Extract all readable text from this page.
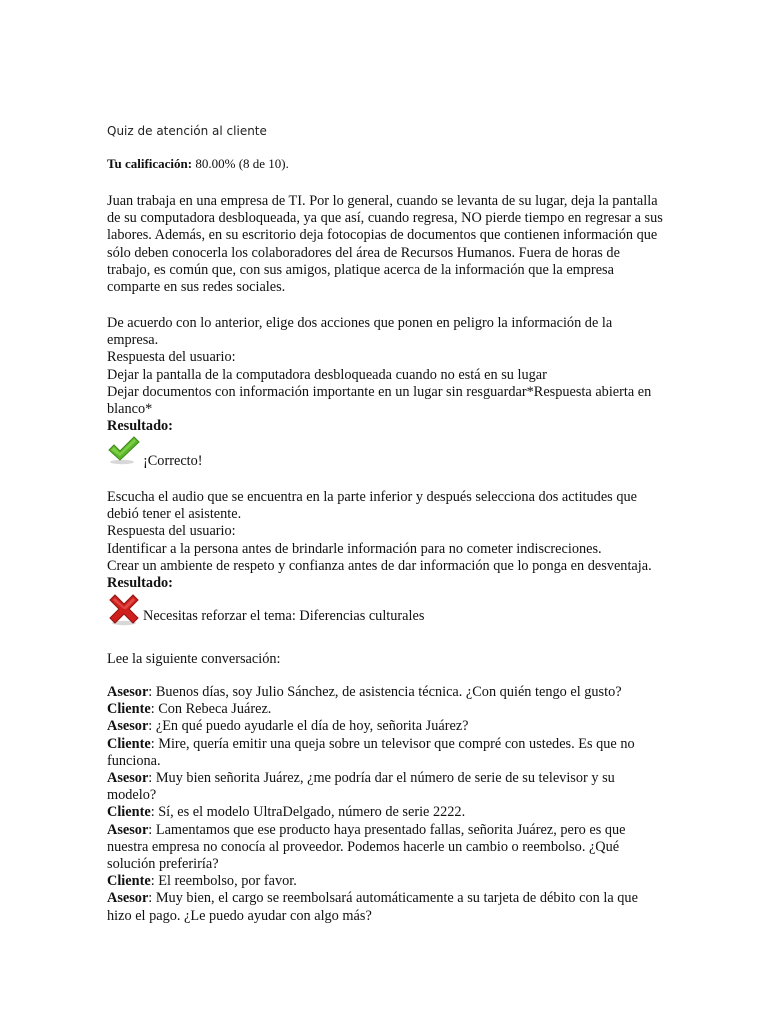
Quiz de atención al cliente
Tu calificación: 80.00% (8 de 10).

Juan trabaja en una empresa de TI. Por lo general, cuando se levanta de su lugar, deja la pantalla de su computadora desbloqueada, ya que así, cuando regresa, NO pierde tiempo en regresar a sus labores. Además, en su escritorio deja fotocopias de documentos que contienen información que sólo deben conocerla los colaboradores del área de Recursos Humanos. Fuera de horas de trabajo, es común que, con sus amigos, platique acerca de la información que la empresa comparte en sus redes sociales.

De acuerdo con lo anterior, elige dos acciones que ponen en peligro la información de la empresa.
Respuesta del usuario:
Dejar la pantalla de la computadora desbloqueada cuando no está en su lugar
Dejar documentos con información importante en un lugar sin resguardar*Respuesta abierta en blanco*
Resultado:
¡Correcto!
Escucha el audio que se encuentra en la parte inferior y después selecciona dos actitudes que debió tener el asistente.
Respuesta del usuario:
Identificar a la persona antes de brindarle información para no cometer indiscreciones.
Crear un ambiente de respeto y confianza antes de dar información que lo ponga en desventaja.
Resultado:
Necesitas reforzar el tema: Diferencias culturales
Lee la siguiente conversación:
Asesor: Buenos días, soy Julio Sánchez, de asistencia técnica. ¿Con quién tengo el gusto?
Cliente: Con Rebeca Juárez.
Asesor: ¿En qué puedo ayudarle el día de hoy, señorita Juárez?
Cliente: Mire, quería emitir una queja sobre un televisor que compré con ustedes. Es que no funciona.
Asesor: Muy bien señorita Juárez, ¿me podría dar el número de serie de su televisor y su modelo?
Cliente: Sí, es el modelo UltraDelgado, número de serie 2222.
Asesor: Lamentamos que ese producto haya presentado fallas, señorita Juárez, pero es que nuestra empresa no conocía al proveedor. Podemos hacerle un cambio o reembolso. ¿Qué solución preferiría?
Cliente: El reembolso, por favor.
Asesor: Muy bien, el cargo se reembolsará automáticamente a su tarjeta de débito con la que hizo el pago. ¿Le puedo ayudar con algo más?
